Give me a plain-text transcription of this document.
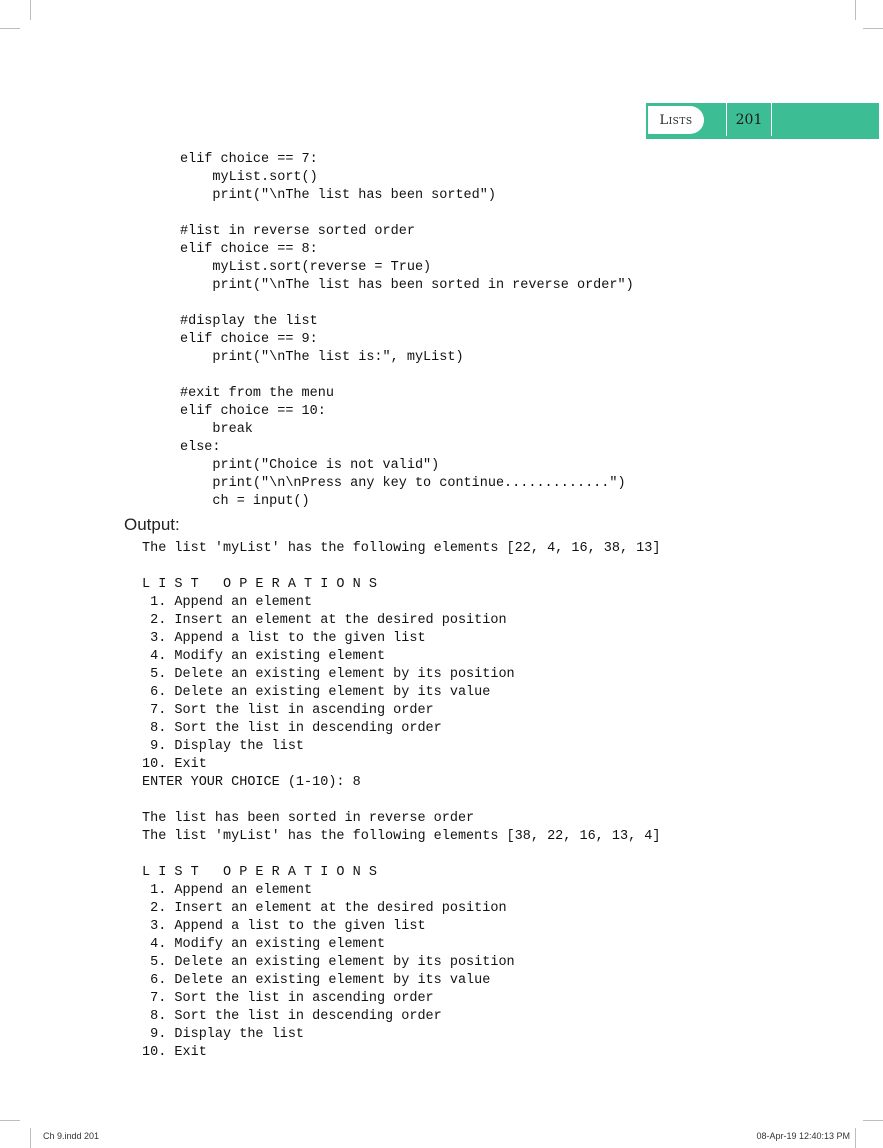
Lists	201
elif choice == 7:
myList.sort()
print("\nThe list has been sorted")

#list in reverse sorted order
elif choice == 8:
myList.sort(reverse = True)
print("\nThe list has been sorted in reverse order")

#display the list
elif choice == 9:
print("\nThe list is:", myList)

#exit from the menu
elif choice == 10:
break
else:
print("Choice is not valid")
print("\n\nPress any key to continue.............")
ch = input()
Output:
The list 'myList' has the following elements [22, 4, 16, 38, 13]

L I S T   O P E R A T I O N S
1. Append an element
2. Insert an element at the desired position
3. Append a list to the given list
4. Modify an existing element
5. Delete an existing element by its position
6. Delete an existing element by its value
7. Sort the list in ascending order
8. Sort the list in descending order
9. Display the list
10. Exit
ENTER YOUR CHOICE (1-10): 8

The list has been sorted in reverse order
The list 'myList' has the following elements [38, 22, 16, 13, 4]

L I S T   O P E R A T I O N S
1. Append an element
2. Insert an element at the desired position
3. Append a list to the given list
4. Modify an existing element
5. Delete an existing element by its position
6. Delete an existing element by its value
7. Sort the list in ascending order
8. Sort the list in descending order
9. Display the list
10. Exit
Ch 9.indd 201	08-Apr-19 12:40:13 PM
